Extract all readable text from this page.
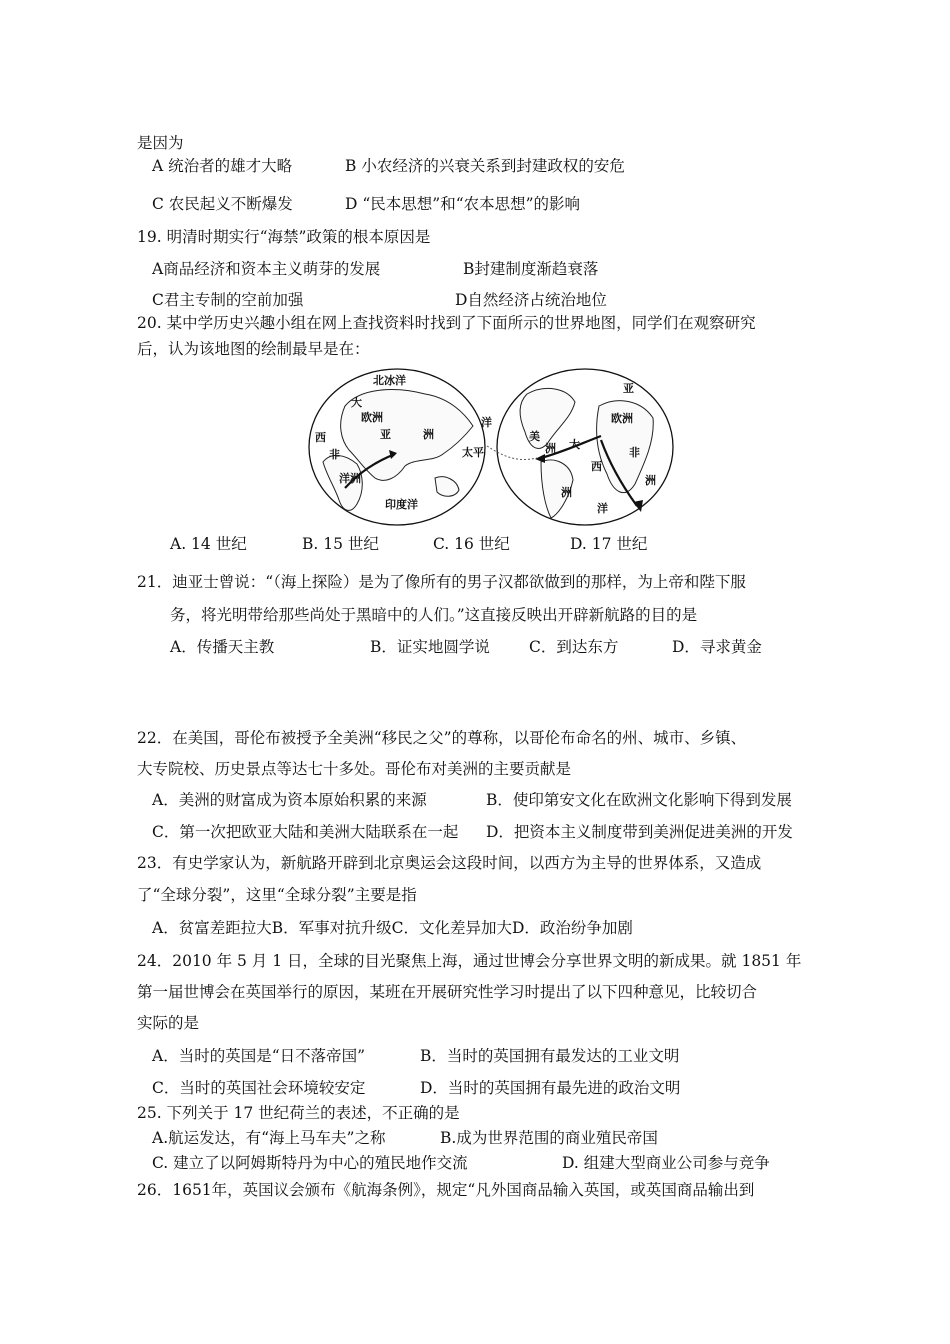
是因为
A 统治者的雄才大略	B 小农经济的兴衰关系到封建政权的安危
C 农民起义不断爆发	D “民本思想”和“农本思想”的影响
19. 明清时期实行“海禁”政策的根本原因是
A商品经济和资本主义萌芽的发展	B封建制度渐趋衰落
C君主专制的空前加强	D自然经济占统治地位
20. 某中学历史兴趣小组在网上查找资料时找到了下面所示的世界地图，同学们在观察研究
后，认为该地图的绘制最早是在：
北冰洋
大
欧洲
亚	洲
西
非
洋洲
太平
印度洋
洋
亚
欧洲
美
大
西
非
洲
洲
洲
洋
A. 14 世纪	B. 15 世纪	C. 16 世纪	D. 17 世纪
21．迪亚士曾说：“（海上探险）是为了像所有的男子汉都欲做到的那样，为上帝和陛下服
务，将光明带给那些尚处于黑暗中的人们。”这直接反映出开辟新航路的目的是
A．传播天主教	B．证实地圆学说	C．到达东方	D．寻求黄金
22．在美国，哥伦布被授予全美洲“移民之父”的尊称，以哥伦布命名的州、城市、乡镇、
大专院校、历史景点等达七十多处。哥伦布对美洲的主要贡献是
A．美洲的财富成为资本原始积累的来源	B．使印第安文化在欧洲文化影响下得到发展
C．第一次把欧亚大陆和美洲大陆联系在一起 D．把资本主义制度带到美洲促进美洲的开发
23．有史学家认为，新航路开辟到北京奥运会这段时间，以西方为主导的世界体系，又造成
了“全球分裂”，这里“全球分裂”主要是指
A．贫富差距拉大B．军事对抗升级C．文化差异加大D．政治纷争加剧
24．2010 年 5 月 1 日，全球的目光聚焦上海，通过世博会分享世界文明的新成果。就 1851 年
第一届世博会在英国举行的原因，某班在开展研究性学习时提出了以下四种意见，比较切合
实际的是
A．当时的英国是“日不落帝国”	B．当时的英国拥有最发达的工业文明
C．当时的英国社会环境较安定	D．当时的英国拥有最先进的政治文明
25. 下列关于 17 世纪荷兰的表述，不正确的是
A.航运发达，有“海上马车夫”之称	B.成为世界范围的商业殖民帝国
C. 建立了以阿姆斯特丹为中心的殖民地作交流	D. 组建大型商业公司参与竞争
26．1651年，英国议会颁布《航海条例》，规定“凡外国商品输入英国，或英国商品输出到
